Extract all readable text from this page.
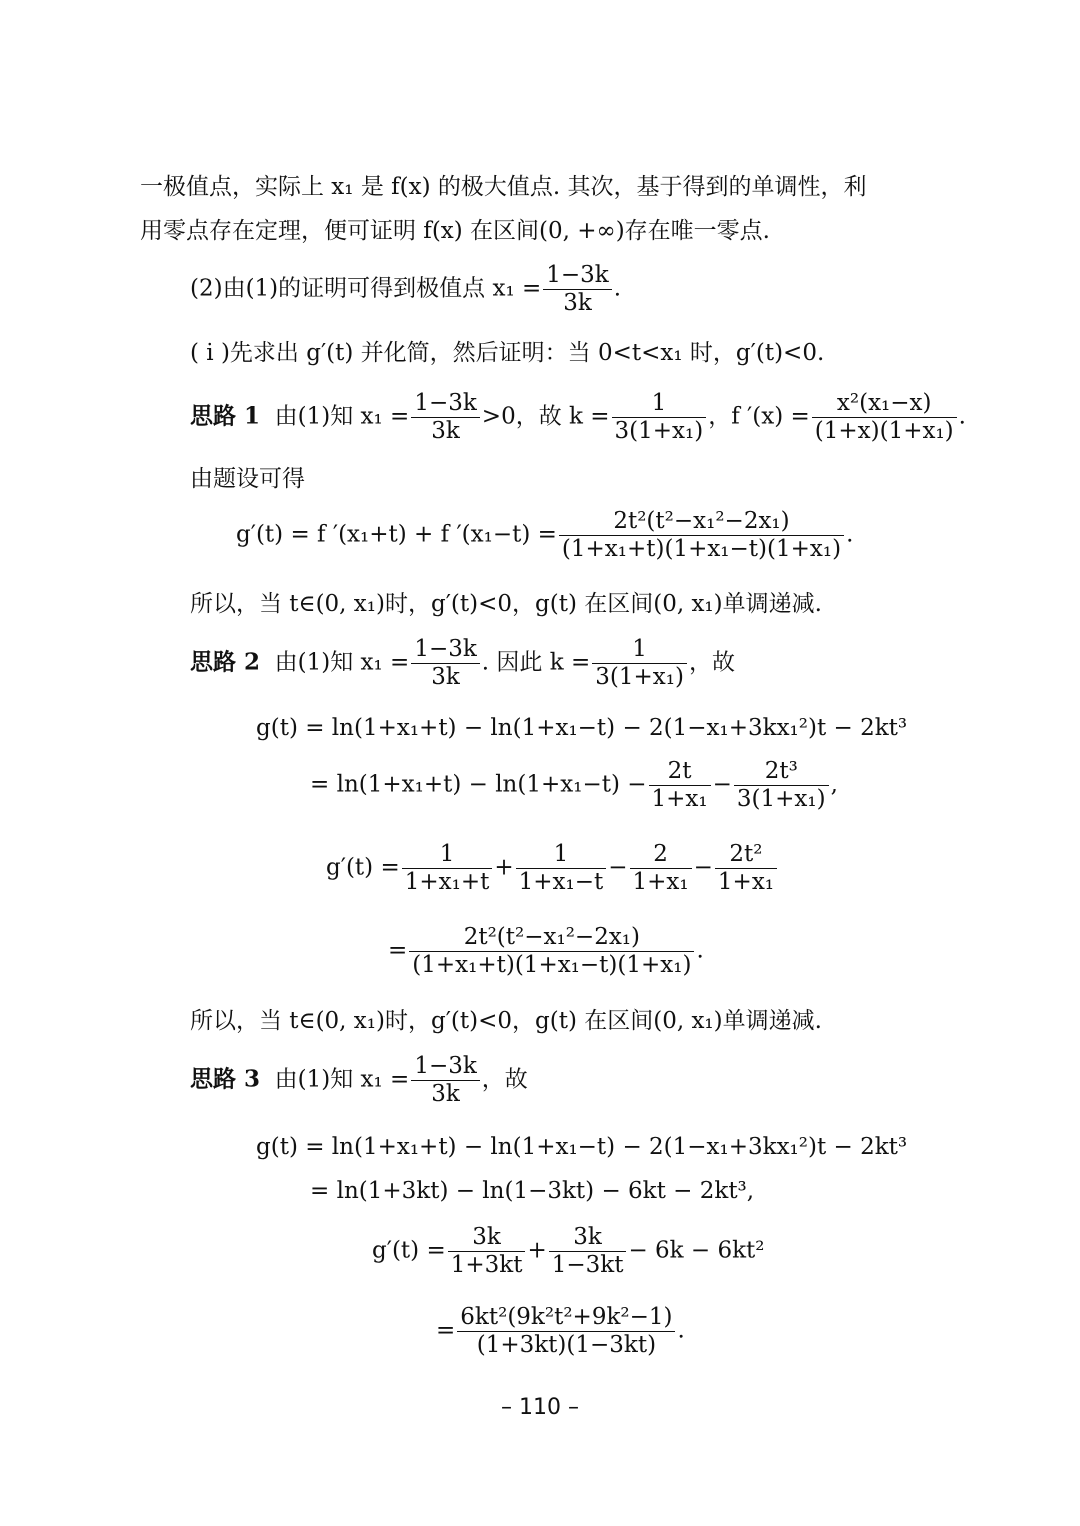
一极值点，实际上 x₁ 是 f(x) 的极大值点. 其次，基于得到的单调性，利
用零点存在定理，便可证明 f(x) 在区间(0, +∞)存在唯一零点.
(2)由(1)的证明可得到极值点 $x_1 = \frac{1-3k}{3k}$ .
( i )先求出 g′(t) 并化简，然后证明：当 0<t<x₁ 时，g′(t)<0.
思路 1 由(1)知 $x_1 = \frac{1-3k}{3k} >0$，故 $k = \frac{1}{\text{3(1+x₁)}}$ ，f $'(x) = \frac{\text{x²(x₁−x)}}{\text{(1+x)(1+x₁)}}$ .
由题设可得
g′(t) = f ′(x₁+t) + f $'(x_1-t) = \frac{\text{2t²(t²−x₁²−2x₁)}}{\text{(1+x₁+t)(1+x₁−t)(1+x₁)}}$ .
所以，当 t∈(0, x₁)时，g′(t)<0，g(t) 在区间(0, x₁)单调递减.
思路 2 由(1)知 $x_1 = \frac{1-3k}{3k}$ . 因此 $k = \frac{1}{\text{3(1+x₁)}}$ ，故
g(t) = ln(1+x₁+t) − ln(1+x₁−t) − 2(1−x₁+3kx₁²)t − 2kt³
= $\ln(1+x_1+t) - \ln(1+x_1-t) - \frac{2t}{\text{1+x₁}} - \frac{\text{2t³}}{\text{3(1+x₁)}}$ ,
$g'(t) = \frac{1}{\text{1+x₁+t}} + \frac{1}{\text{1+x₁−t}} - \frac{2}{\text{1+x₁}} - \frac{\text{2t²}}{\text{1+x₁}}$
= $\frac{\text{2t²(t²−x₁²−2x₁)}}{\text{(1+x₁+t)(1+x₁−t)(1+x₁)}}$ .
所以，当 t∈(0, x₁)时，g′(t)<0，g(t) 在区间(0, x₁)单调递减.
思路 3 由(1)知 $x_1 = \frac{1-3k}{3k}$ ，故
g(t) = ln(1+x₁+t) − ln(1+x₁−t) − 2(1−x₁+3kx₁²)t − 2kt³
= ln(1+3kt) − ln(1−3kt) − 6kt − 2kt³,
$g'(t) = \frac{3k}{1+3kt} + \frac{3k}{1-3kt} - 6k - 6kt^2$
= $\frac{\text{6kt²(9k²t²+9k²−1)}}{(1+3kt)(1-3kt)}$ .
– 110 –
